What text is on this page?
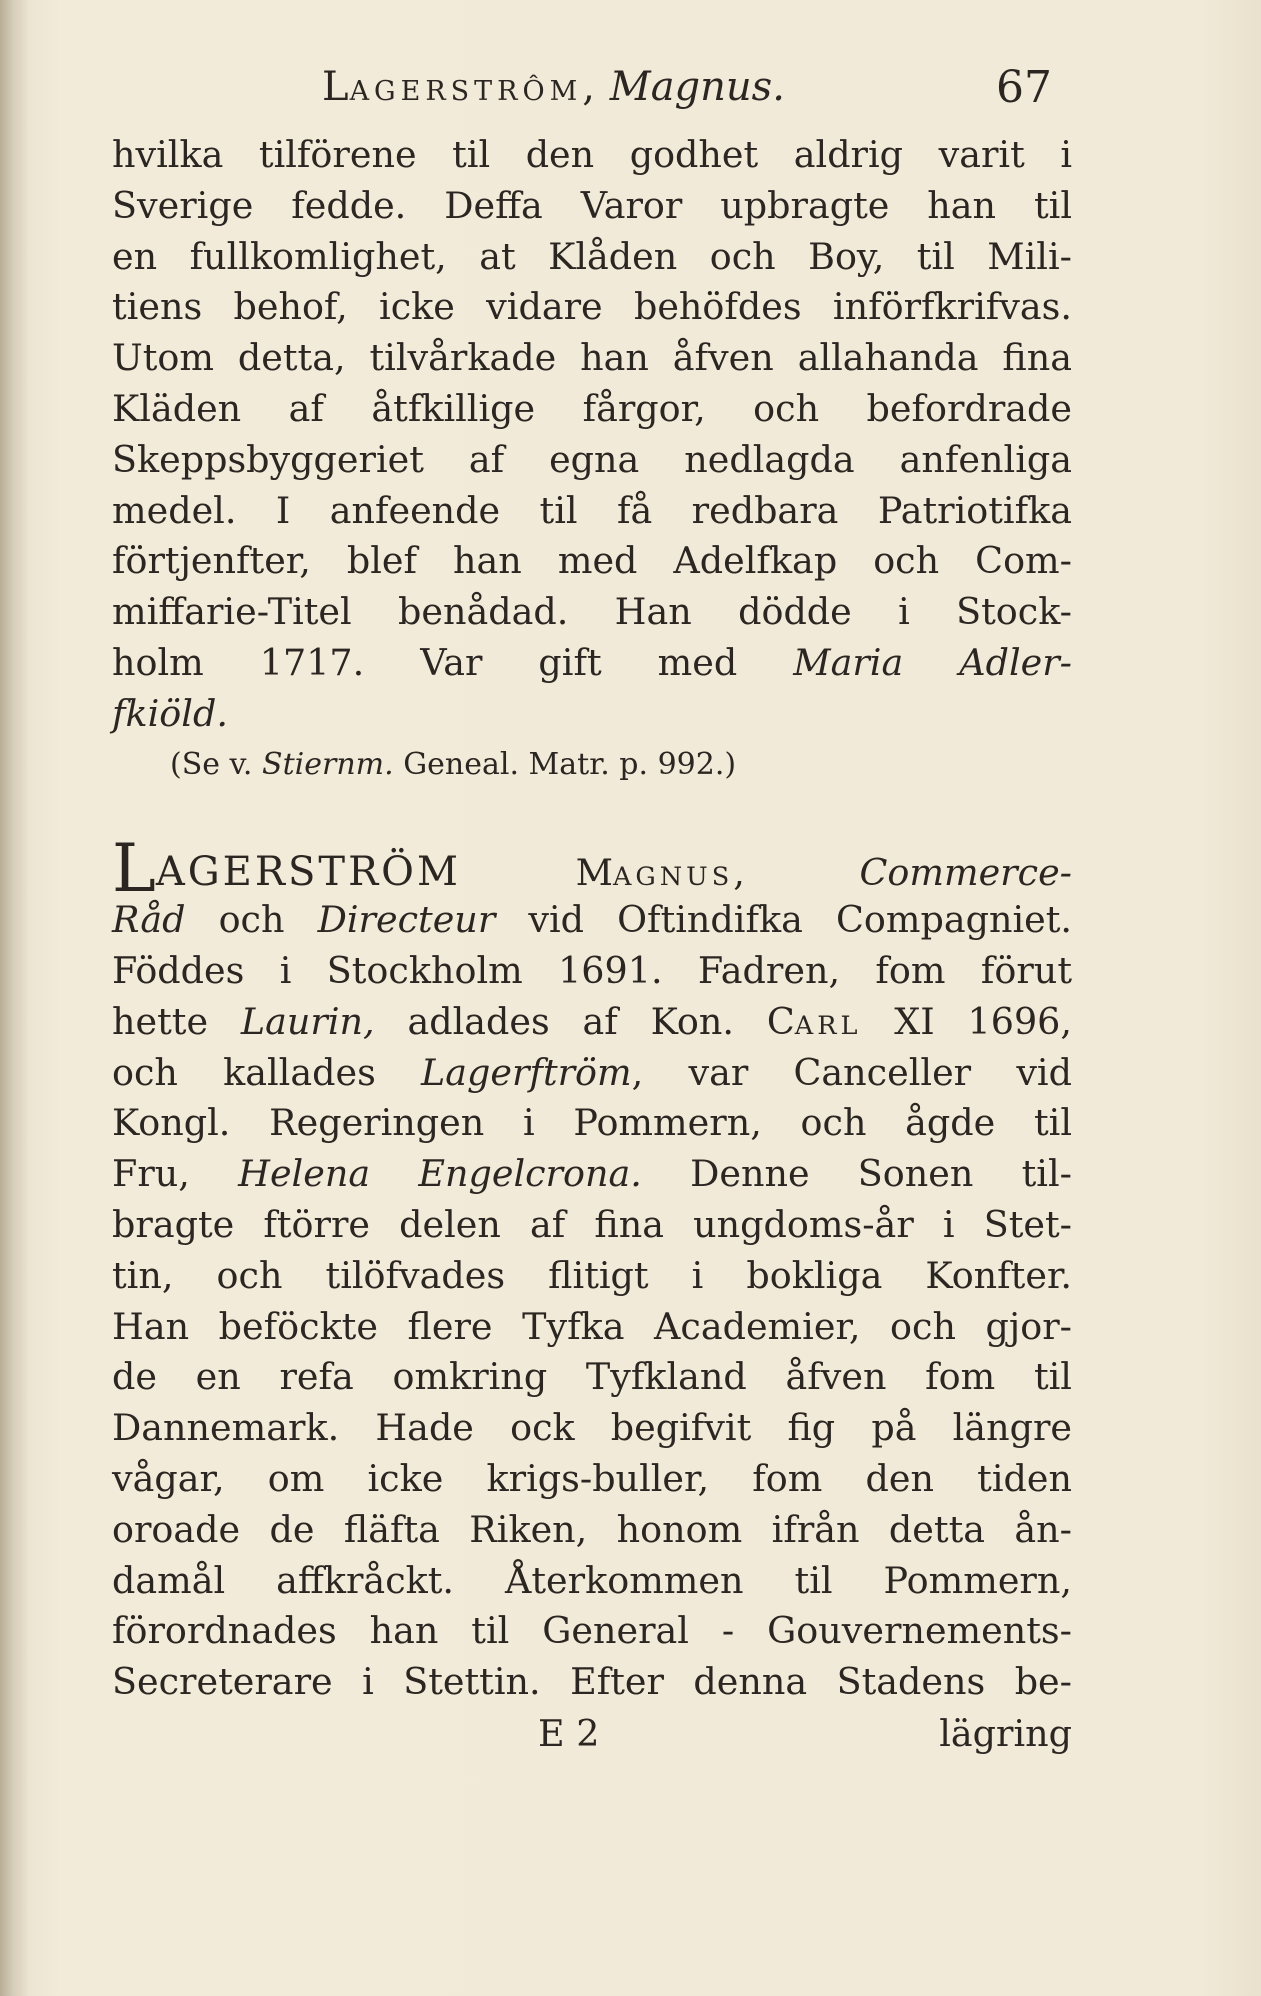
LAGERSTRÔM, Magnus.	67
hvilka tilförene til den godhet aldrig varit i
Sverige fedde. Deffa Varor upbragte han til
en fullkomlighet, at Klåden och Boy, til Mili-
tiens behof, icke vidare behöfdes införfkrifvas.
Utom detta, tilvårkade han åfven allahanda fina
Kläden af åtfkillige fårgor, och befordrade
Skeppsbyggeriet af egna nedlagda anfenliga
medel. I anfeende til få redbara Patriotifka
förtjenfter, blef han med Adelfkap och Com-
miffarie-Titel benådad. Han dödde i Stock-
holm 1717. Var gift med Maria Adler-
fkiöld.
(Se v. Stiernm. Geneal. Matr. p. 992.)
LAGERSTRÖM	MAGNUS,	Commerce-
Råd och Directeur vid Oftindifka Compagniet.
Föddes i Stockholm 1691. Fadren, fom förut
hette Laurin, adlades af Kon. CARL XI 1696,
och kallades Lagerftröm, var Canceller vid
Kongl. Regeringen i Pommern, och ågde til
Fru, Helena Engelcrona. Denne Sonen til-
bragte ftörre delen af fina ungdoms-år i Stet-
tin, och tilöfvades flitigt i bokliga Konfter.
Han beföckte flere Tyfka Academier, och gjor-
de en refa omkring Tyfkland åfven fom til
Dannemark. Hade ock begifvit fig på längre
vågar, om icke krigs-buller, fom den tiden
oroade de fläfta Riken, honom ifrån detta ån-
damål affkråckt. Återkommen til Pommern,
förordnades han til General - Gouvernements-
Secreterare i Stettin. Efter denna Stadens be-
E 2	lägring
